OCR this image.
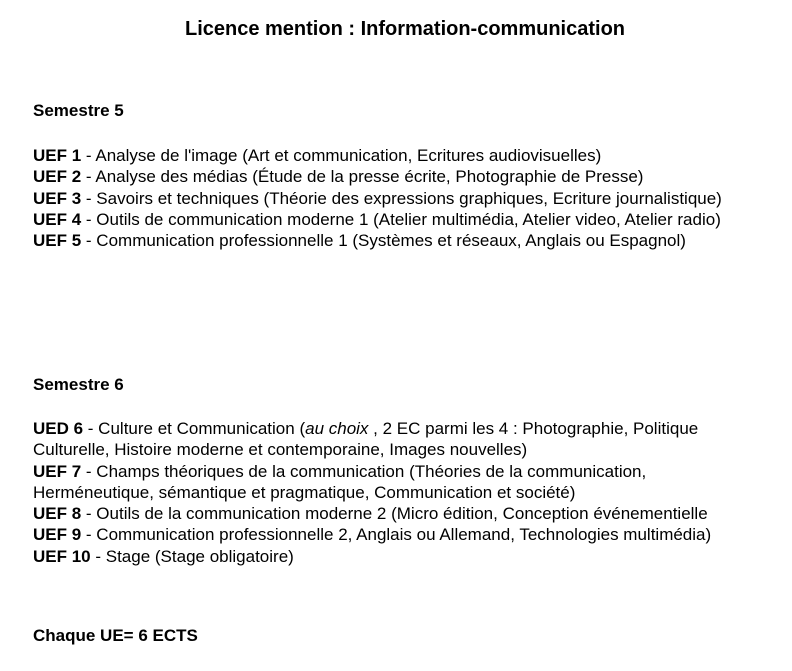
Licence mention : Information-communication
Semestre 5

UEF 1 - Analyse de l'image (Art et communication, Ecritures audiovisuelles)

UEF 2 - Analyse des médias (Étude de la presse écrite, Photographie de Presse)

UEF 3 - Savoirs et techniques (Théorie des expressions graphiques, Ecriture journalistique)

UEF 4 - Outils de communication moderne 1 (Atelier multimédia, Atelier video, Atelier radio)

UEF 5 - Communication professionnelle 1 (Systèmes et réseaux, Anglais ou Espagnol)

Semestre 6

UED 6 - Culture et Communication (au choix , 2 EC parmi les 4 : Photographie, Politique Culturelle, Histoire moderne et contemporaine, Images nouvelles)

UEF 7 - Champs théoriques de la communication (Théories de la communication, Herméneutique, sémantique et pragmatique, Communication et société)

UEF 8 - Outils de la communication moderne 2 (Micro édition, Conception événementielle

UEF 9 - Communication professionnelle 2, Anglais ou Allemand, Technologies multimédia)

UEF 10 - Stage (Stage obligatoire)

Chaque UE= 6 ECTS
